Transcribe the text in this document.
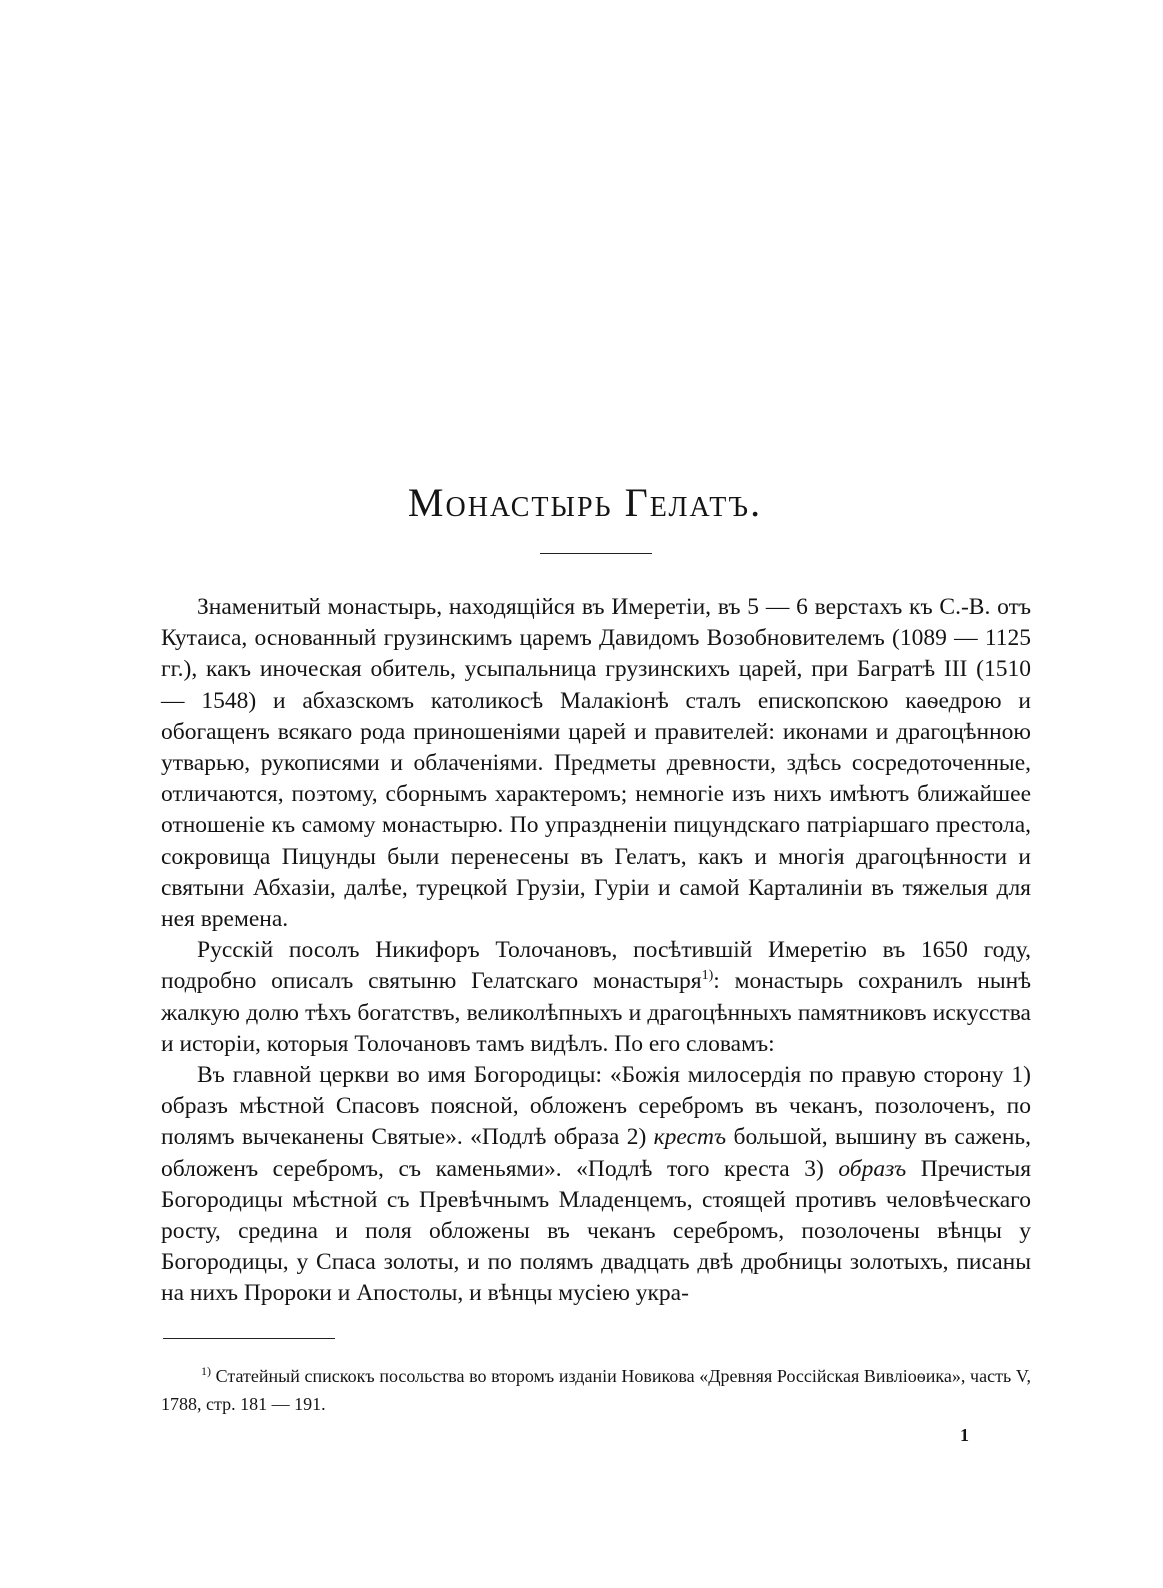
Монастырь Гелатъ.

Знаменитый монастырь, находящійся въ Имеретіи, въ 5 — 6 верстахъ къ С.-В. отъ Кутаиса, основанный грузинскимъ царемъ Давидомъ Возобновителемъ (1089 — 1125 гг.), какъ иноческая обитель, усыпальница грузинскихъ царей, при Багратѣ III (1510 — 1548) и абхазскомъ католикосѣ Малакіонѣ сталъ епископскою каѳедрою и обогащенъ всякаго рода приношеніями царей и правителей: иконами и драгоцѣнною утварью, рукописями и облаченіями. Предметы древности, здѣсь сосредоточенные, отличаются, поэтому, сборнымъ характеромъ; немногіе изъ нихъ имѣютъ ближайшее отношеніе къ самому монастырю. По упраздненіи пицундскаго патріаршаго престола, сокровища Пицунды были перенесены въ Гелатъ, какъ и многія драгоцѣнности и святыни Абхазіи, далѣе, турецкой Грузіи, Гуріи и самой Карталиніи въ тяжелыя для нея времена.

Русскій посолъ Никифоръ Толочановъ, посѣтившій Имеретію въ 1650 году, подробно описалъ святыню Гелатскаго монастыря$^{1)}$: монастырь сохранилъ нынѣ жалкую долю тѣхъ богатствъ, великолѣпныхъ и драгоцѣнныхъ памятниковъ искусства и исторіи, которыя Толочановъ тамъ видѣлъ. По его словамъ:

Въ главной церкви во имя Богородицы: «Божія милосердія по правую сторону 1) образъ мѣстной Спасовъ поясной, обложенъ серебромъ въ чеканъ, позолоченъ, по полямъ вычеканены Святые». «Подлѣ образа 2) крестъ большой, вышину въ сажень, обложенъ серебромъ, съ каменьями». «Подлѣ того креста 3) образъ Пречистыя Богородицы мѣстной съ Превѣчнымъ Младенцемъ, стоящей противъ человѣческаго росту, средина и поля обложены въ чеканъ серебромъ, позолочены вѣнцы у Богородицы, у Спаса золоты, и по полямъ двадцать двѣ дробницы золотыхъ, писаны на нихъ Пророки и Апостолы, и вѣнцы мусіею укра-

$^{1)}$ Статейный спискокъ посольства во второмъ изданіи Новикова «Древняя Россійская Вивліоѳика», часть V, 1788, стр. 181 — 191.

1
